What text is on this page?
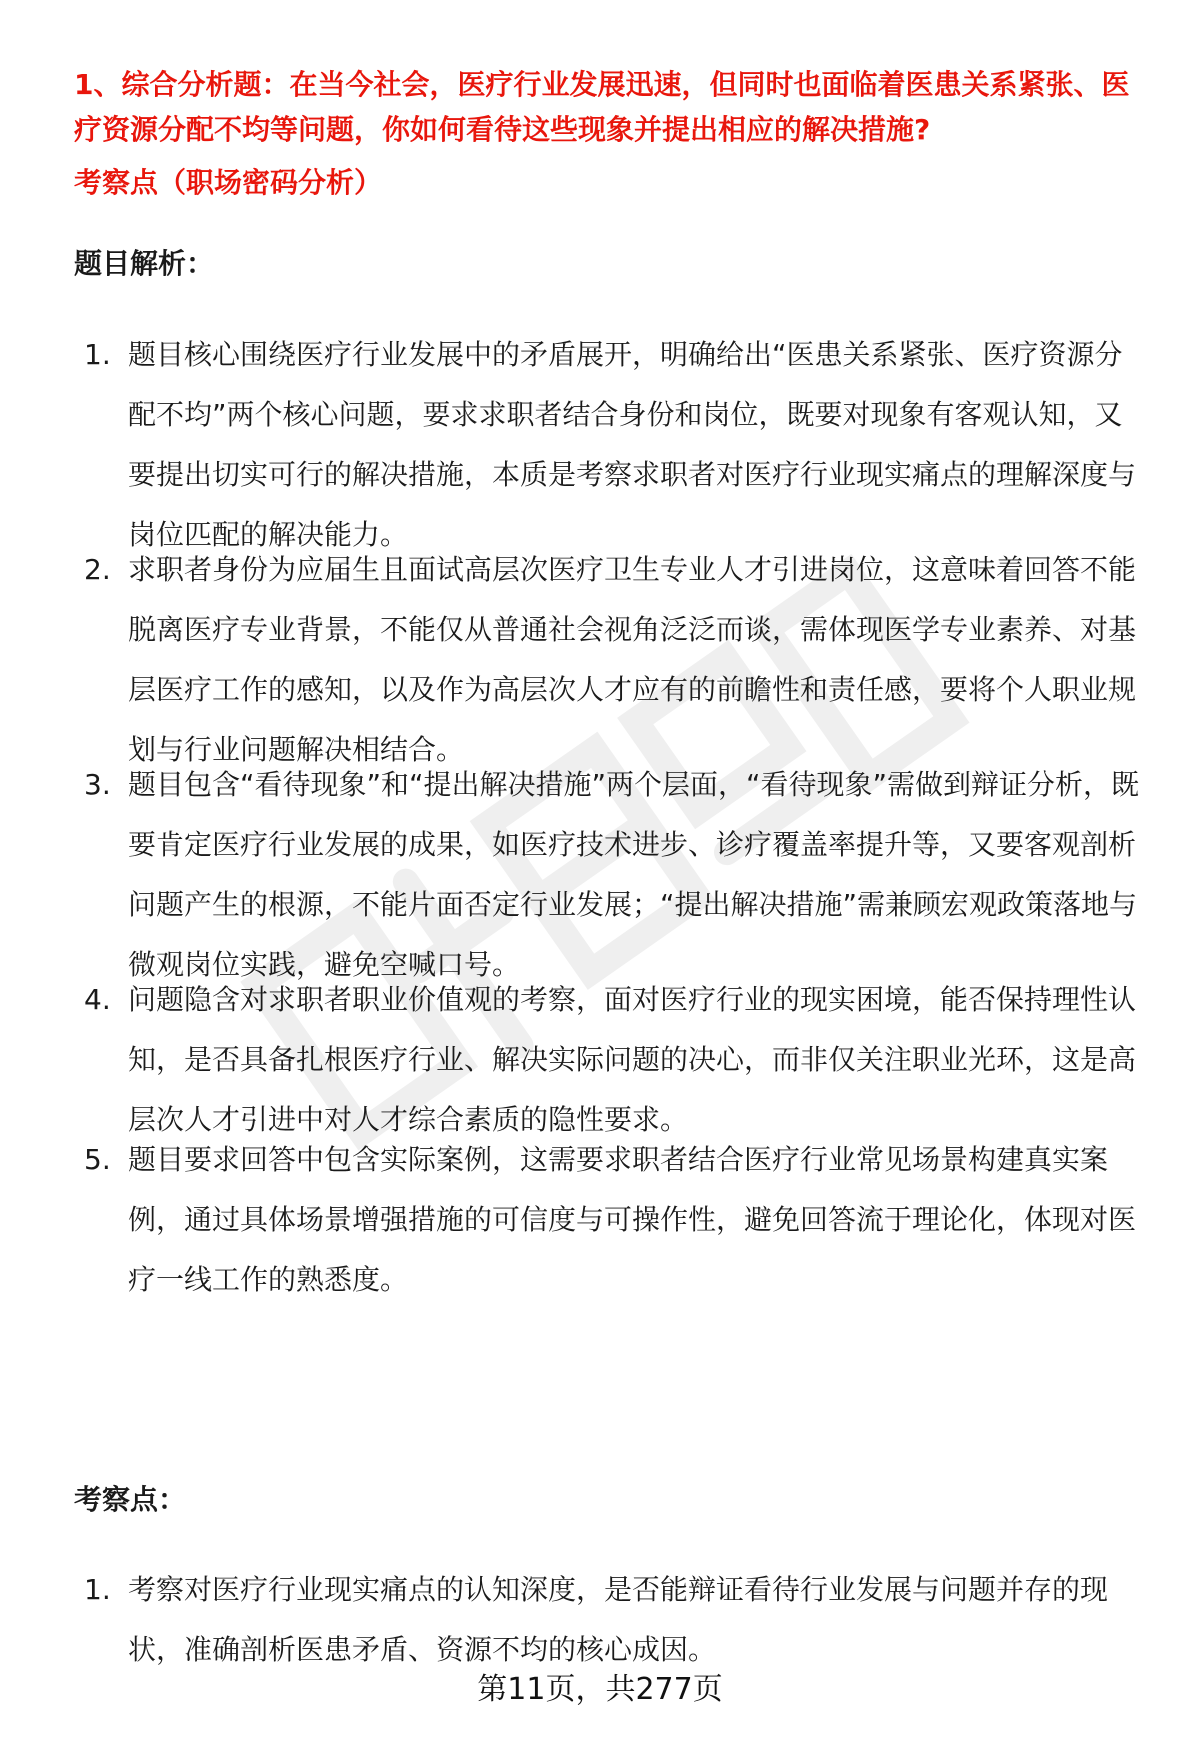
1、综合分析题：在当今社会，医疗行业发展迅速，但同时也面临着医患关系紧张、医疗资源分配不均等问题，你如何看待这些现象并提出相应的解决措施?
考察点（职场密码分析）
题目解析：
1. 题目核心围绕医疗行业发展中的矛盾展开，明确给出“医患关系紧张、医疗资源分配不均”两个核心问题，要求求职者结合身份和岗位，既要对现象有客观认知，又要提出切实可行的解决措施，本质是考察求职者对医疗行业现实痛点的理解深度与岗位匹配的解决能力。

2. 求职者身份为应届生且面试高层次医疗卫生专业人才引进岗位，这意味着回答不能脱离医疗专业背景，不能仅从普通社会视角泛泛而谈，需体现医学专业素养、对基层医疗工作的感知，以及作为高层次人才应有的前瞻性和责任感，要将个人职业规划与行业问题解决相结合。

3. 题目包含“看待现象”和“提出解决措施”两个层面，“看待现象”需做到辩证分析，既要肯定医疗行业发展的成果，如医疗技术进步、诊疗覆盖率提升等，又要客观剖析问题产生的根源，不能片面否定行业发展；“提出解决措施”需兼顾宏观政策落地与微观岗位实践，避免空喊口号。

4. 问题隐含对求职者职业价值观的考察，面对医疗行业的现实困境，能否保持理性认知，是否具备扎根医疗行业、解决实际问题的决心，而非仅关注职业光环，这是高层次人才引进中对人才综合素质的隐性要求。

5. 题目要求回答中包含实际案例，这需要求职者结合医疗行业常见场景构建真实案例，通过具体场景增强措施的可信度与可操作性，避免回答流于理论化，体现对医疗一线工作的熟悉度。

考察点：
1. 考察对医疗行业现实痛点的认知深度，是否能辩证看待行业发展与问题并存的现状，准确剖析医患矛盾、资源不均的核心成因。

第11页，共277页
